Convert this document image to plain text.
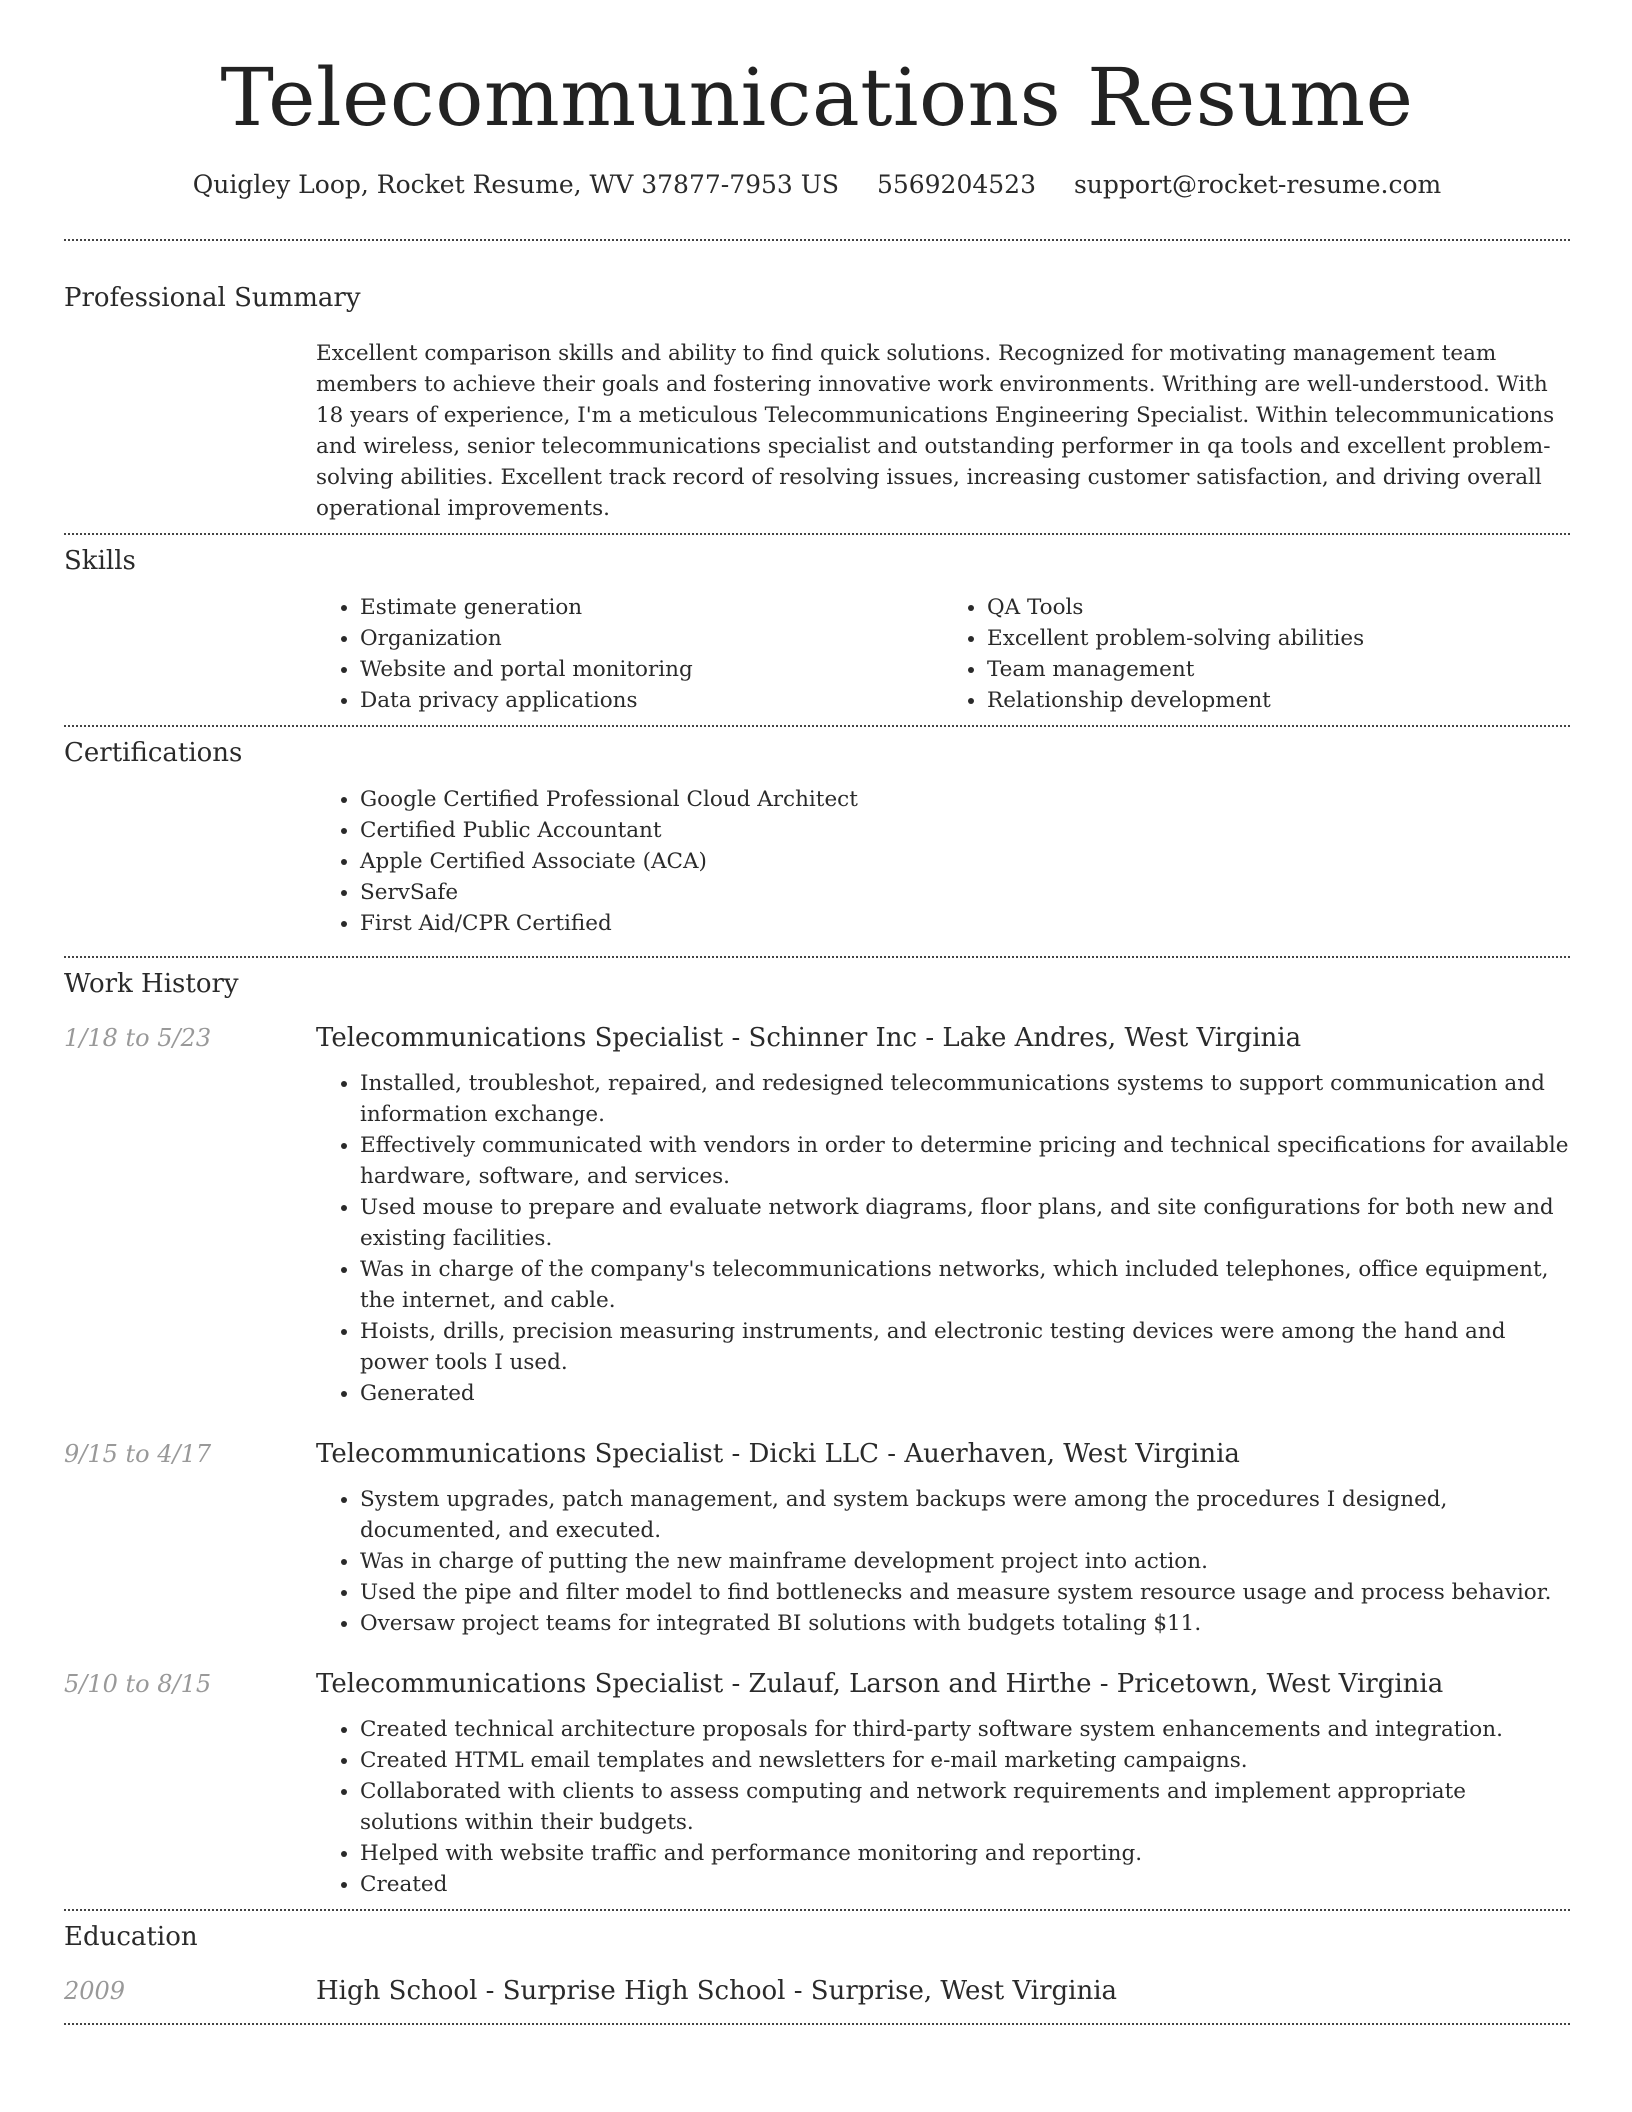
Telecommunications Resume
Quigley Loop, Rocket Resume, WV 37877-7953 US 5569204523 support@rocket-resume.com
Professional Summary

Excellent comparison skills and ability to find quick solutions. Recognized for motivating management team members to achieve their goals and fostering innovative work environments. Writhing are well-understood. With 18 years of experience, I'm a meticulous Telecommunications Engineering Specialist. Within telecommunications and wireless, senior telecommunications specialist and outstanding performer in qa tools and excellent problem-solving abilities. Excellent track record of resolving issues, increasing customer satisfaction, and driving overall operational improvements.

Skills
• Estimate generation
• Organization
• Website and portal monitoring
• Data privacy applications
• QA Tools
• Excellent problem-solving abilities
• Team management
• Relationship development
Certifications
• Google Certified Professional Cloud Architect
• Certified Public Accountant
• Apple Certified Associate (ACA)
• ServSafe
• First Aid/CPR Certified
Work History
1/18 to 5/23	Telecommunications Specialist - Schinner Inc - Lake Andres, West Virginia
• Installed, troubleshot, repaired, and redesigned telecommunications systems to support communication and information exchange.
• Effectively communicated with vendors in order to determine pricing and technical specifications for available hardware, software, and services.
• Used mouse to prepare and evaluate network diagrams, floor plans, and site configurations for both new and existing facilities.
• Was in charge of the company's telecommunications networks, which included telephones, office equipment, the internet, and cable.
• Hoists, drills, precision measuring instruments, and electronic testing devices were among the hand and power tools I used.
• Generated
9/15 to 4/17	Telecommunications Specialist - Dicki LLC - Auerhaven, West Virginia
• System upgrades, patch management, and system backups were among the procedures I designed, documented, and executed.
• Was in charge of putting the new mainframe development project into action.
• Used the pipe and filter model to find bottlenecks and measure system resource usage and process behavior.
• Oversaw project teams for integrated BI solutions with budgets totaling $11.
5/10 to 8/15	Telecommunications Specialist - Zulauf, Larson and Hirthe - Pricetown, West Virginia
• Created technical architecture proposals for third-party software system enhancements and integration.
• Created HTML email templates and newsletters for e-mail marketing campaigns.
• Collaborated with clients to assess computing and network requirements and implement appropriate solutions within their budgets.
• Helped with website traffic and performance monitoring and reporting.
• Created
Education
2009	High School - Surprise High School - Surprise, West Virginia
